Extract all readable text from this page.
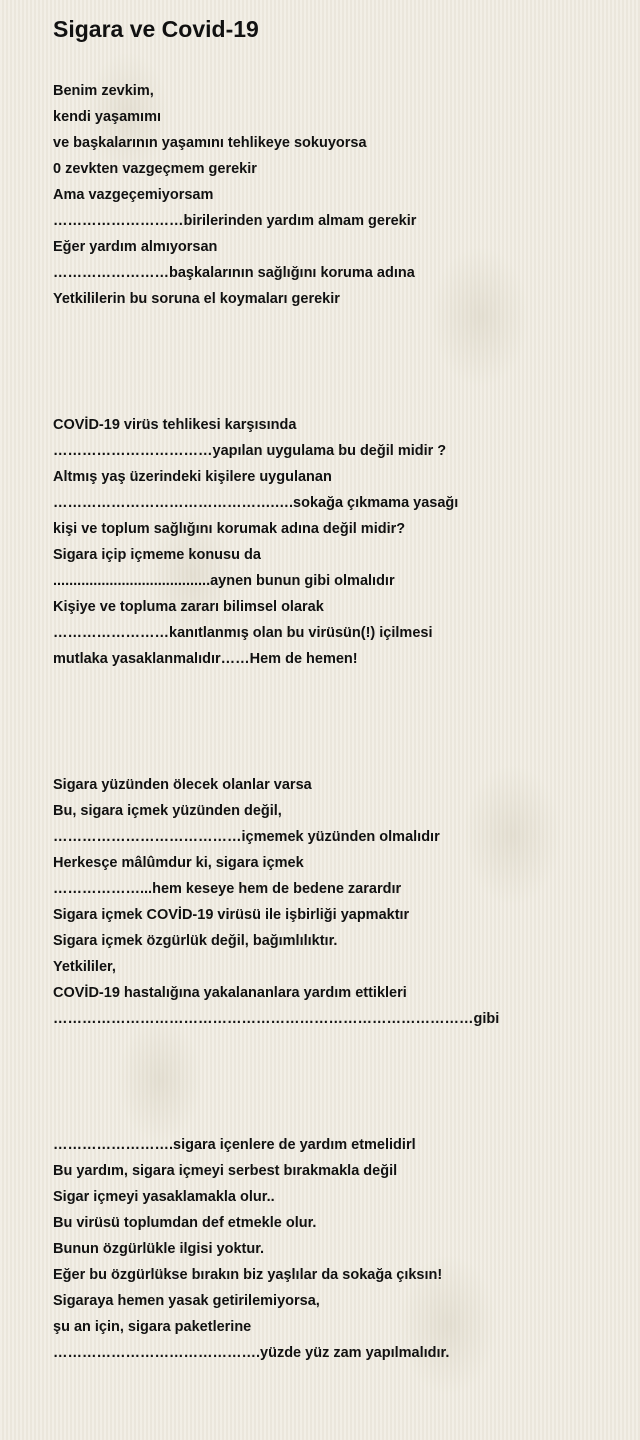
Sigara ve Covid-19
Benim zevkim,
kendi yaşamımı
ve başkalarının yaşamını tehlikeye sokuyorsa
0 zevkten vazgeçmem gerekir
Ama vazgeçemiyorsam
………………………birilerinden yardım almam gerekir
Eğer yardım almıyorsan
……………………başkalarının sağlığını koruma adına
Yetkililerin bu soruna el koymaları gerekir
COVİD-19 virüs tehlikesi karşısında
……………………………yapılan uygulama bu değil midir ?
Altmış yaş üzerindeki kişilere uygulanan
……………………………………….….sokağa çıkmama yasağı
kişi ve toplum sağlığını korumak adına değil midir?
Sigara içip içmeme konusu da
.......................................aynen bunun gibi olmalıdır
Kişiye ve topluma zararı bilimsel olarak
……………………kanıtlanmış olan bu virüsün(!) içilmesi
mutlaka yasaklanmalıdır……Hem de hemen!
Sigara yüzünden ölecek olanlar varsa
Bu, sigara içmek yüzünden değil,
…………………………………içmemek yüzünden olmalıdır
Herkesçe mâlûmdur ki, sigara içmek
………………...hem keseye hem de bedene zarardır
Sigara içmek COVİD-19 virüsü ile işbirliği yapmaktır
Sigara içmek özgürlük değil, bağımlılıktır.
Yetkililer,
COVİD-19 hastalığına yakalananlara yardım ettikleri
……………………………………………………………………………gibi
…………………….sigara içenlere de yardım etmelidirl
Bu yardım, sigara içmeyi serbest bırakmakla değil
Sigar içmeyi yasaklamakla olur..
Bu virüsü toplumdan def etmekle olur.
Bunun özgürlükle ilgisi yoktur.
Eğer bu özgürlükse bırakın biz yaşlılar da sokağa çıksın!
Sigaraya hemen yasak getirilemiyorsa,
şu an için, sigara paketlerine
…………………………………….yüzde yüz zam yapılmalıdır.
